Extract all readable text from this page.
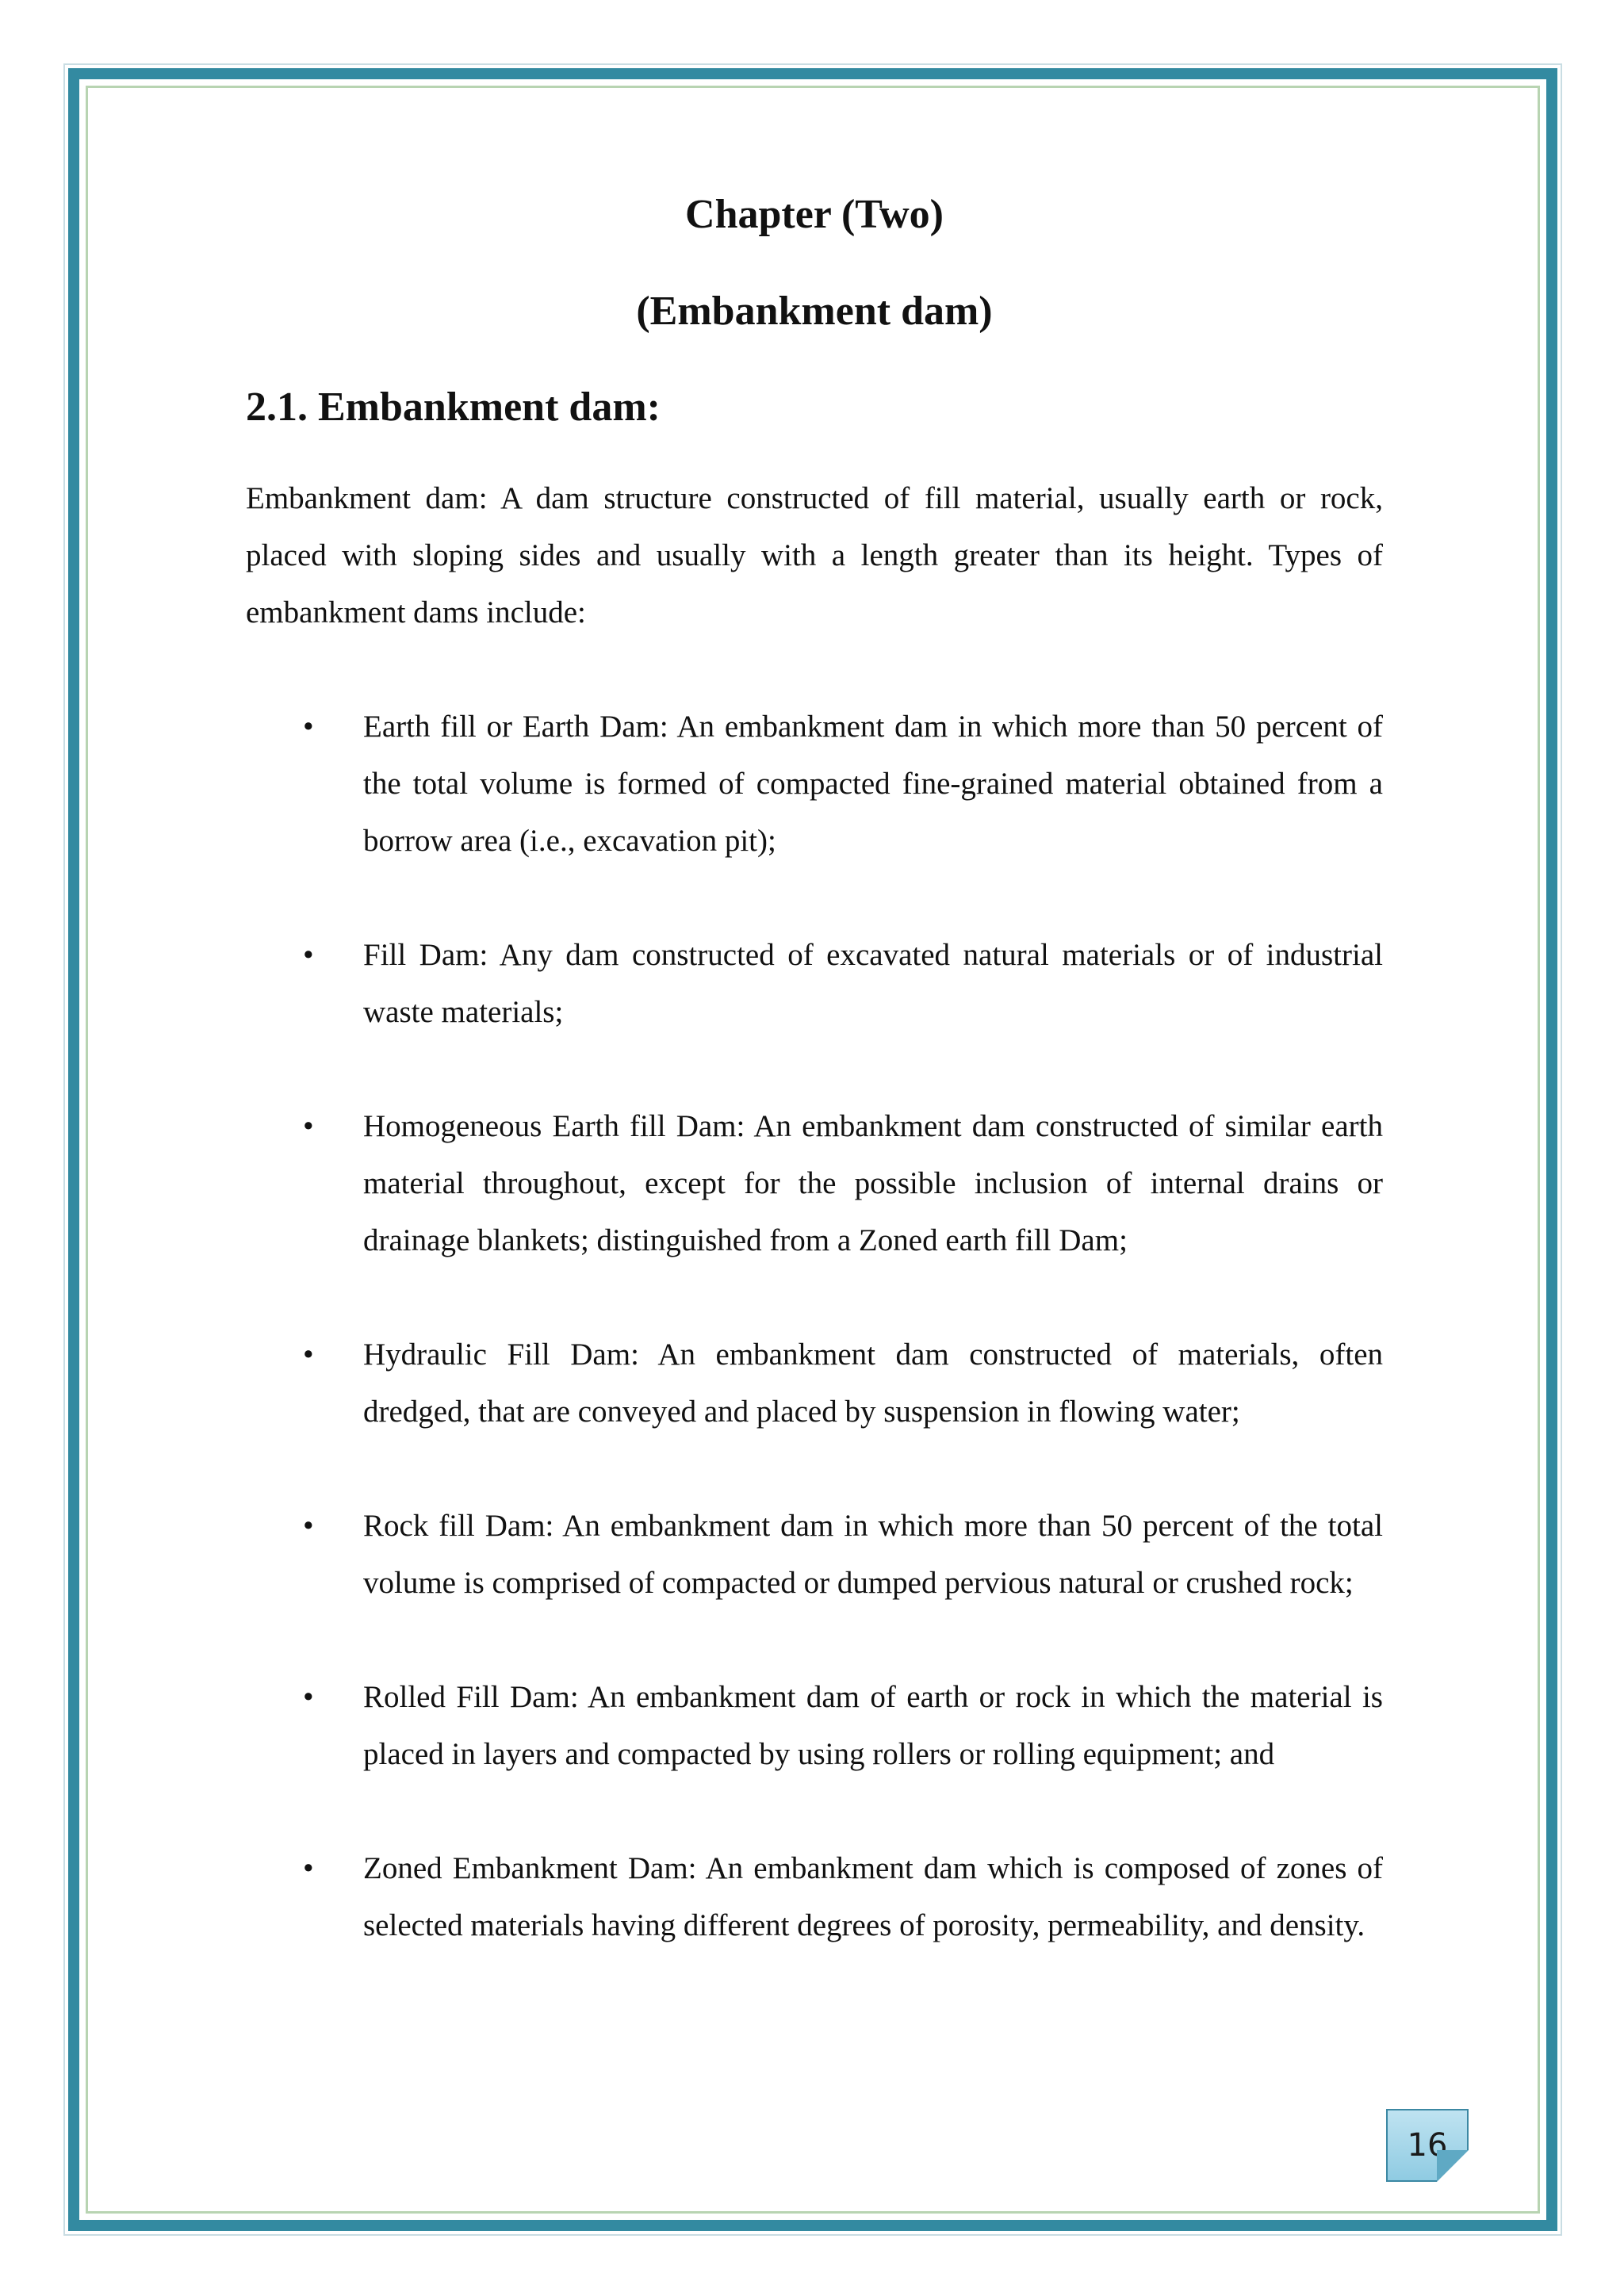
Chapter (Two)
(Embankment dam)
2.1. Embankment dam:

Embankment dam: A dam structure constructed of fill material, usually earth or rock, placed with sloping sides and usually with a length greater than its height. Types of embankment dams include:

• Earth fill or Earth Dam: An embankment dam in which more than 50 percent of the total volume is formed of compacted fine-grained material obtained from a borrow area (i.e., excavation pit);
• Fill Dam: Any dam constructed of excavated natural materials or of industrial waste materials;
• Homogeneous Earth fill Dam: An embankment dam constructed of similar earth material throughout, except for the possible inclusion of internal drains or drainage blankets; distinguished from a Zoned earth fill Dam;
• Hydraulic Fill Dam: An embankment dam constructed of materials, often dredged, that are conveyed and placed by suspension in flowing water;
• Rock fill Dam: An embankment dam in which more than 50 percent of the total volume is comprised of compacted or dumped pervious natural or crushed rock;
• Rolled Fill Dam: An embankment dam of earth or rock in which the material is placed in layers and compacted by using rollers or rolling equipment; and
• Zoned Embankment Dam: An embankment dam which is composed of zones of selected materials having different degrees of porosity, permeability, and density.
16
